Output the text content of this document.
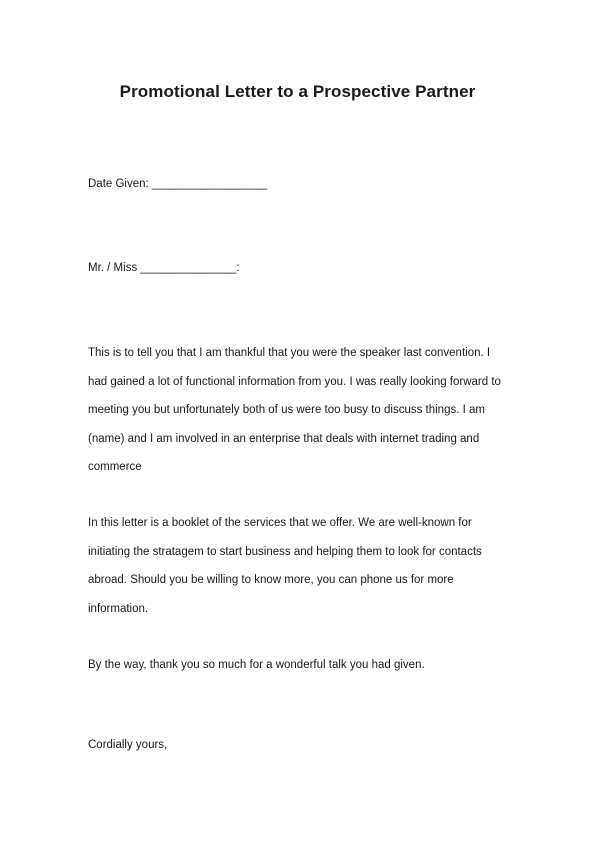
Promotional Letter to a Prospective Partner
Date Given: __________________
Mr. / Miss _______________:
This is to tell you that I am thankful that you were the speaker last convention. I
had gained a lot of functional information from you. I was really looking forward to
meeting you but unfortunately both of us were too busy to discuss things. I am
(name) and I am involved in an enterprise that deals with internet trading and
commerce
In this letter is a booklet of the services that we offer. We are well-known for
initiating the stratagem to start business and helping them to look for contacts
abroad. Should you be willing to know more, you can phone us for more
information.
By the way, thank you so much for a wonderful talk you had given.
Cordially yours,
